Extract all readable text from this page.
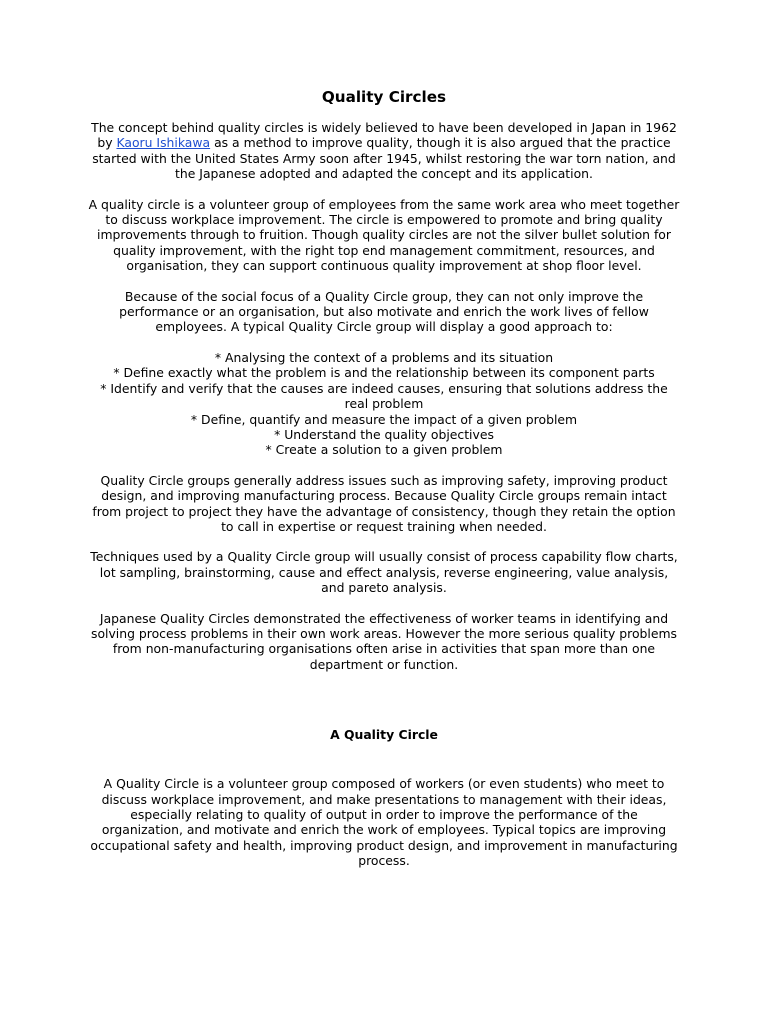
Quality Circles

The concept behind quality circles is widely believed to have been developed in Japan in 1962 by Kaoru Ishikawa as a method to improve quality, though it is also argued that the practice started with the United States Army soon after 1945, whilst restoring the war torn nation, and the Japanese adopted and adapted the concept and its application.

A quality circle is a volunteer group of employees from the same work area who meet together to discuss workplace improvement. The circle is empowered to promote and bring quality improvements through to fruition. Though quality circles are not the silver bullet solution for quality improvement, with the right top end management commitment, resources, and organisation, they can support continuous quality improvement at shop floor level.

Because of the social focus of a Quality Circle group, they can not only improve the performance or an organisation, but also motivate and enrich the work lives of fellow employees. A typical Quality Circle group will display a good approach to:

* Analysing the context of a problems and its situation
* Define exactly what the problem is and the relationship between its component parts
* Identify and verify that the causes are indeed causes, ensuring that solutions address the real problem
* Define, quantify and measure the impact of a given problem
* Understand the quality objectives
* Create a solution to a given problem

Quality Circle groups generally address issues such as improving safety, improving product design, and improving manufacturing process. Because Quality Circle groups remain intact from project to project they have the advantage of consistency, though they retain the option to call in expertise or request training when needed.

Techniques used by a Quality Circle group will usually consist of process capability flow charts, lot sampling, brainstorming, cause and effect analysis, reverse engineering, value analysis, and pareto analysis.

Japanese Quality Circles demonstrated the effectiveness of worker teams in identifying and solving process problems in their own work areas. However the more serious quality problems from non-manufacturing organisations often arise in activities that span more than one department or function.

A Quality Circle

A Quality Circle is a volunteer group composed of workers (or even students) who meet to discuss workplace improvement, and make presentations to management with their ideas, especially relating to quality of output in order to improve the performance of the organization, and motivate and enrich the work of employees. Typical topics are improving occupational safety and health, improving product design, and improvement in manufacturing process.
